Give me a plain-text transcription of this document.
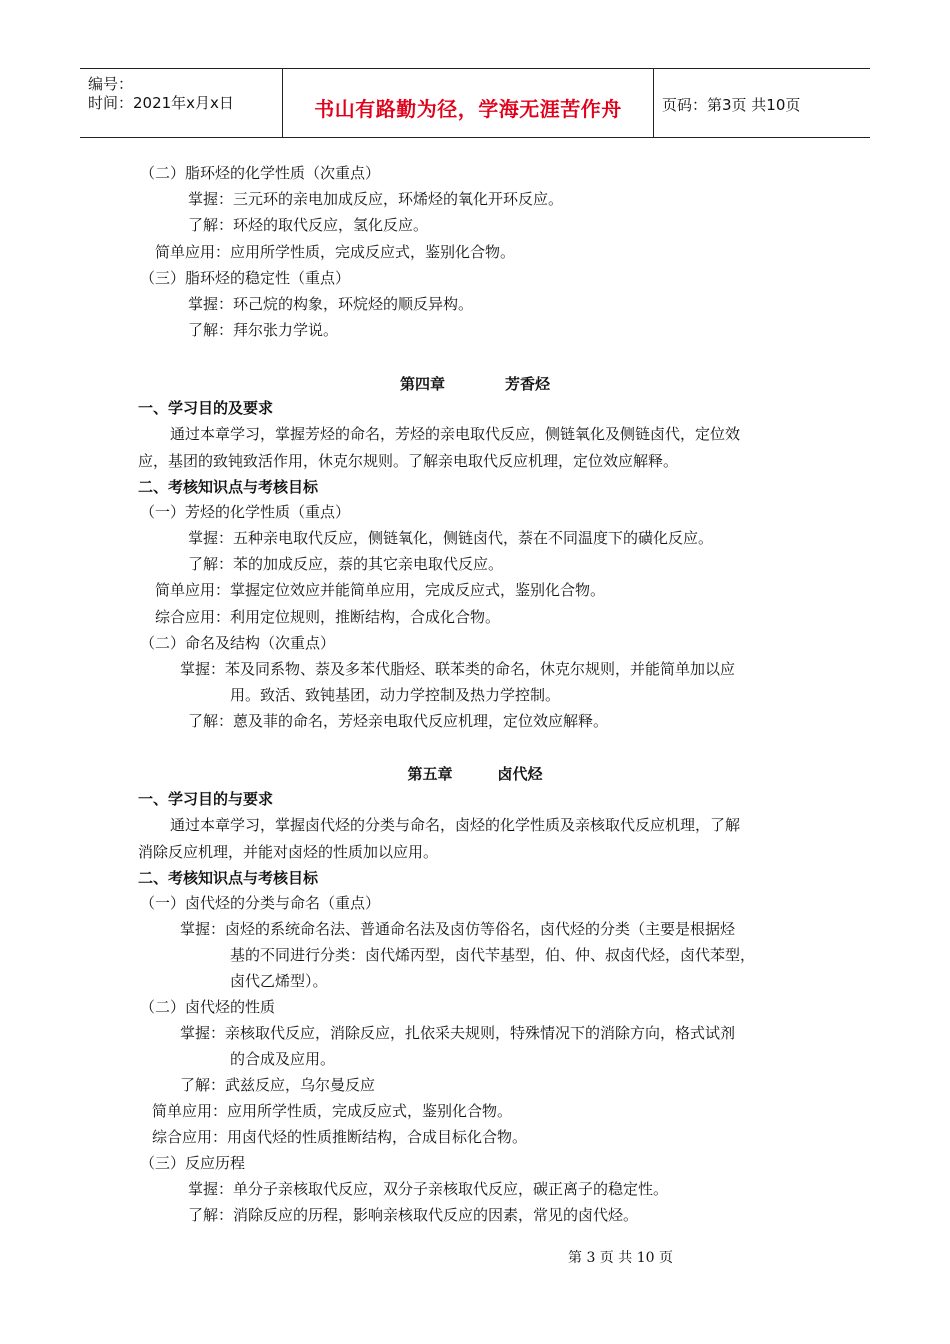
编号：
时间：2021年x月x日	书山有路勤为径，学海无涯苦作舟	页码：第3页 共10页
（二）脂环烃的化学性质（次重点）
掌握：三元环的亲电加成反应，环烯烃的氧化开环反应。
了解：环烃的取代反应，氢化反应。
简单应用：应用所学性质，完成反应式，鉴别化合物。
（三）脂环烃的稳定性（重点）
掌握：环己烷的构象，环烷烃的顺反异构。
了解：拜尔张力学说。
第四章	芳香烃
一、学习目的及要求
通过本章学习，掌握芳烃的命名，芳烃的亲电取代反应，侧链氧化及侧链卤代，定位效
应，基团的致钝致活作用，休克尔规则。了解亲电取代反应机理，定位效应解释。
二、考核知识点与考核目标
（一）芳烃的化学性质（重点）
掌握：五种亲电取代反应，侧链氧化，侧链卤代，萘在不同温度下的磺化反应。
了解：苯的加成反应，萘的其它亲电取代反应。
简单应用：掌握定位效应并能简单应用，完成反应式，鉴别化合物。
综合应用：利用定位规则，推断结构，合成化合物。
（二）命名及结构（次重点）
掌握：苯及同系物、萘及多苯代脂烃、联苯类的命名，休克尔规则，并能简单加以应
用。致活、致钝基团，动力学控制及热力学控制。
了解：蒽及菲的命名，芳烃亲电取代反应机理，定位效应解释。
第五章	卤代烃
一、学习目的与要求
通过本章学习，掌握卤代烃的分类与命名，卤烃的化学性质及亲核取代反应机理，了解
消除反应机理，并能对卤烃的性质加以应用。
二、考核知识点与考核目标
（一）卤代烃的分类与命名（重点）
掌握：卤烃的系统命名法、普通命名法及卤仿等俗名，卤代烃的分类（主要是根据烃
基的不同进行分类：卤代烯丙型，卤代苄基型，伯、仲、叔卤代烃，卤代苯型，
卤代乙烯型）。
（二）卤代烃的性质
掌握：亲核取代反应，消除反应，扎依采夫规则，特殊情况下的消除方向，格式试剂
的合成及应用。
了解：武兹反应，乌尔曼反应
简单应用：应用所学性质，完成反应式，鉴别化合物。
综合应用：用卤代烃的性质推断结构，合成目标化合物。
（三）反应历程
掌握：单分子亲核取代反应，双分子亲核取代反应，碳正离子的稳定性。
了解：消除反应的历程，影响亲核取代反应的因素，常见的卤代烃。
第 3 页 共 10 页
